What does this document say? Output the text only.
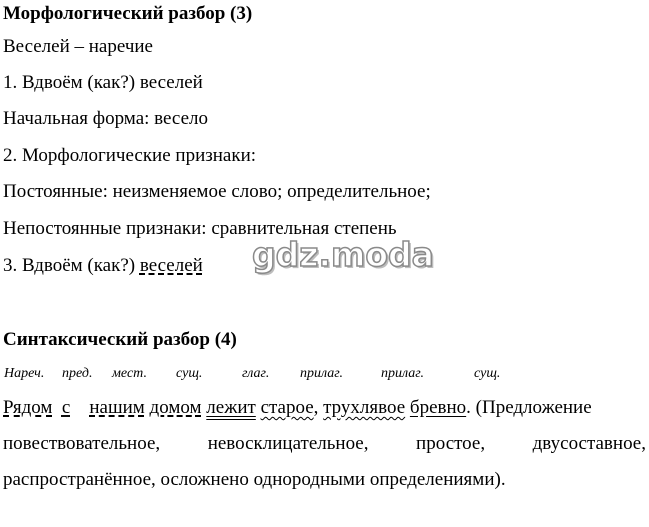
Морфологический разбор (3)
Веселей – наречие
1. Вдвоём (как?) веселей
Начальная форма: весело
2. Морфологические признаки:
Постоянные: неизменяемое слово; определительное;
Непостоянные признаки: сравнительная степень
3. Вдвоём (как?) веселей gdz.moda
Синтаксический разбор (4)
Нареч. пред. мест. сущ.	глаг. прилаг.	прилаг.	сущ.
Рядом с нашим домом лежит старое, трухлявое бревно. (Предложение
повествовательное,	невосклицательное,	простое,	двусоставное,
распространённое, осложнено однородными определениями).
